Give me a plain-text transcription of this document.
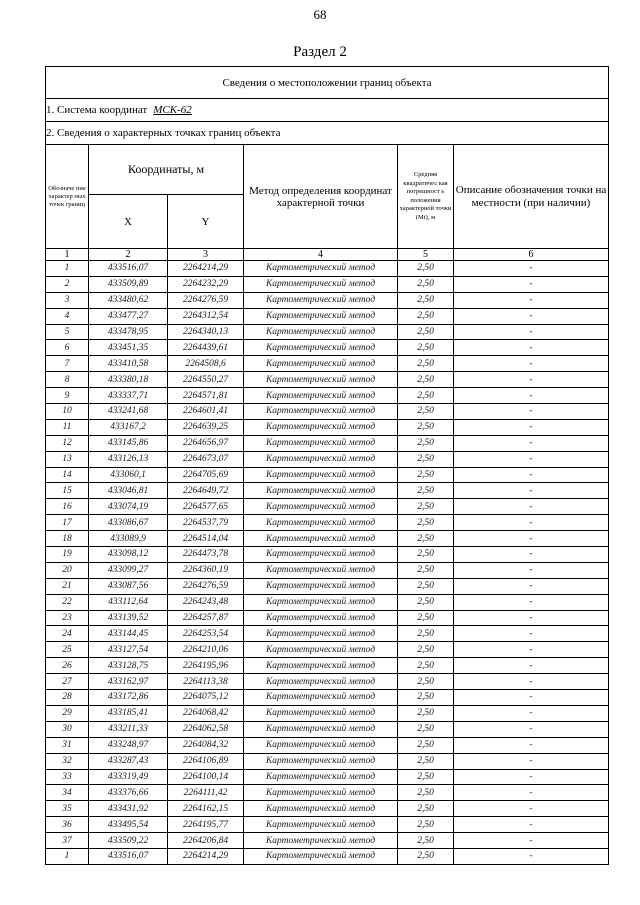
68
Раздел 2
Сведения о местоположении границ объекта					
1. Система координат МСК-62					
2. Сведения о характерных точках границ объекта					
Обозначе ние характер ных точек границ	Координаты, м		Метод определения координат характерной точки	Средняя квадратичес кая погрешност ь положения характерной точки (Mt), м	Описание обозначения точки на местности (при наличии)
	X	Y			
1	2	3	4	5	6
1	433516,07	2264214,29	Картометрический метод	2,50	-
2	433509,89	2264232,29	Картометрический метод	2,50	-
3	433480,62	2264276,59	Картометрический метод	2,50	-
4	433477,27	2264312,54	Картометрический метод	2,50	-
5	433478,95	2264340,13	Картометрический метод	2,50	-
6	433451,35	2264439,61	Картометрический метод	2,50	-
7	433410,58	2264508,6	Картометрический метод	2,50	-
8	433380,18	2264550,27	Картометрический метод	2,50	-
9	433337,71	2264571,81	Картометрический метод	2,50	-
10	433241,68	2264601,41	Картометрический метод	2,50	-
11	433167,2	2264639,25	Картометрический метод	2,50	-
12	433145,86	2264656,97	Картометрический метод	2,50	-
13	433126,13	2264673,07	Картометрический метод	2,50	-
14	433060,1	2264705,69	Картометрический метод	2,50	-
15	433046,81	2264649,72	Картометрический метод	2,50	-
16	433074,19	2264577,65	Картометрический метод	2,50	-
17	433086,67	2264537,79	Картометрический метод	2,50	-
18	433089,9	2264514,04	Картометрический метод	2,50	-
19	433098,12	2264473,78	Картометрический метод	2,50	-
20	433099,27	2264360,19	Картометрический метод	2,50	-
21	433087,56	2264276,59	Картометрический метод	2,50	-
22	433112,64	2264243,48	Картометрический метод	2,50	-
23	433139,52	2264257,87	Картометрический метод	2,50	-
24	433144,45	2264253,54	Картометрический метод	2,50	-
25	433127,54	2264210,06	Картометрический метод	2,50	-
26	433128,75	2264195,96	Картометрический метод	2,50	-
27	433162,97	2264113,38	Картометрический метод	2,50	-
28	433172,86	2264075,12	Картометрический метод	2,50	-
29	433185,41	2264068,42	Картометрический метод	2,50	-
30	433211,33	2264062,58	Картометрический метод	2,50	-
31	433248,97	2264084,32	Картометрический метод	2,50	-
32	433287,43	2264106,89	Картометрический метод	2,50	-
33	433319,49	2264100,14	Картометрический метод	2,50	-
34	433376,66	2264111,42	Картометрический метод	2,50	-
35	433431,92	2264162,15	Картометрический метод	2,50	-
36	433495,54	2264195,77	Картометрический метод	2,50	-
37	433509,22	2264206,84	Картометрический метод	2,50	-
1	433516,07	2264214,29	Картометрический метод	2,50	-
